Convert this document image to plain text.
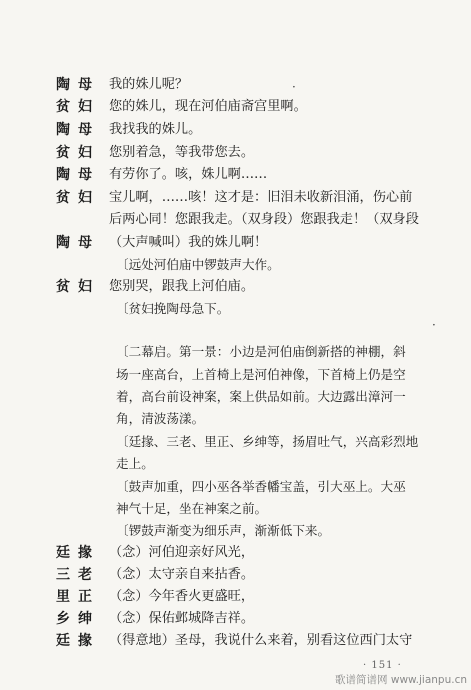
陶母 我的姝儿呢？
贫妇 您的姝儿，现在河伯庙斋宫里啊。
陶母 我找我的姝儿。
贫妇 您别着急，等我带您去。
陶母 有劳你了。咳，姝儿啊……
贫妇 宝儿啊，……咳！这才是：旧泪未收新泪涌，伤心前
后两心同！您跟我走。（双身段）您跟我走！（双身段
陶母 （大声喊叫）我的姝儿啊！
〔远处河伯庙中锣鼓声大作。
贫妇 您别哭，跟我上河伯庙。
〔贫妇挽陶母急下。
〔二幕启。第一景：小边是河伯庙倒新搭的神棚，斜
场一座高台，上首椅上是河伯神像，下首椅上仍是空
着，高台前设神案，案上供品如前。大边露出漳河一
角，清波荡漾。
〔廷掾、三老、里正、乡绅等，扬眉吐气，兴高彩烈地
走上。
〔鼓声加重，四小巫各举香幡宝盖，引大巫上。大巫
神气十足，坐在神案之前。
〔锣鼓声渐变为细乐声，渐渐低下来。
廷掾 （念）河伯迎亲好风光，
三老 （念）太守亲自来拈香。
里正 （念）今年香火更盛旺，
乡绅 （念）保佑邺城降吉祥。
廷掾 （得意地）圣母，我说什么来着，别看这位西门太守
·
·
· 151 ·
歌谱简谱网 www.jianpu.cn
